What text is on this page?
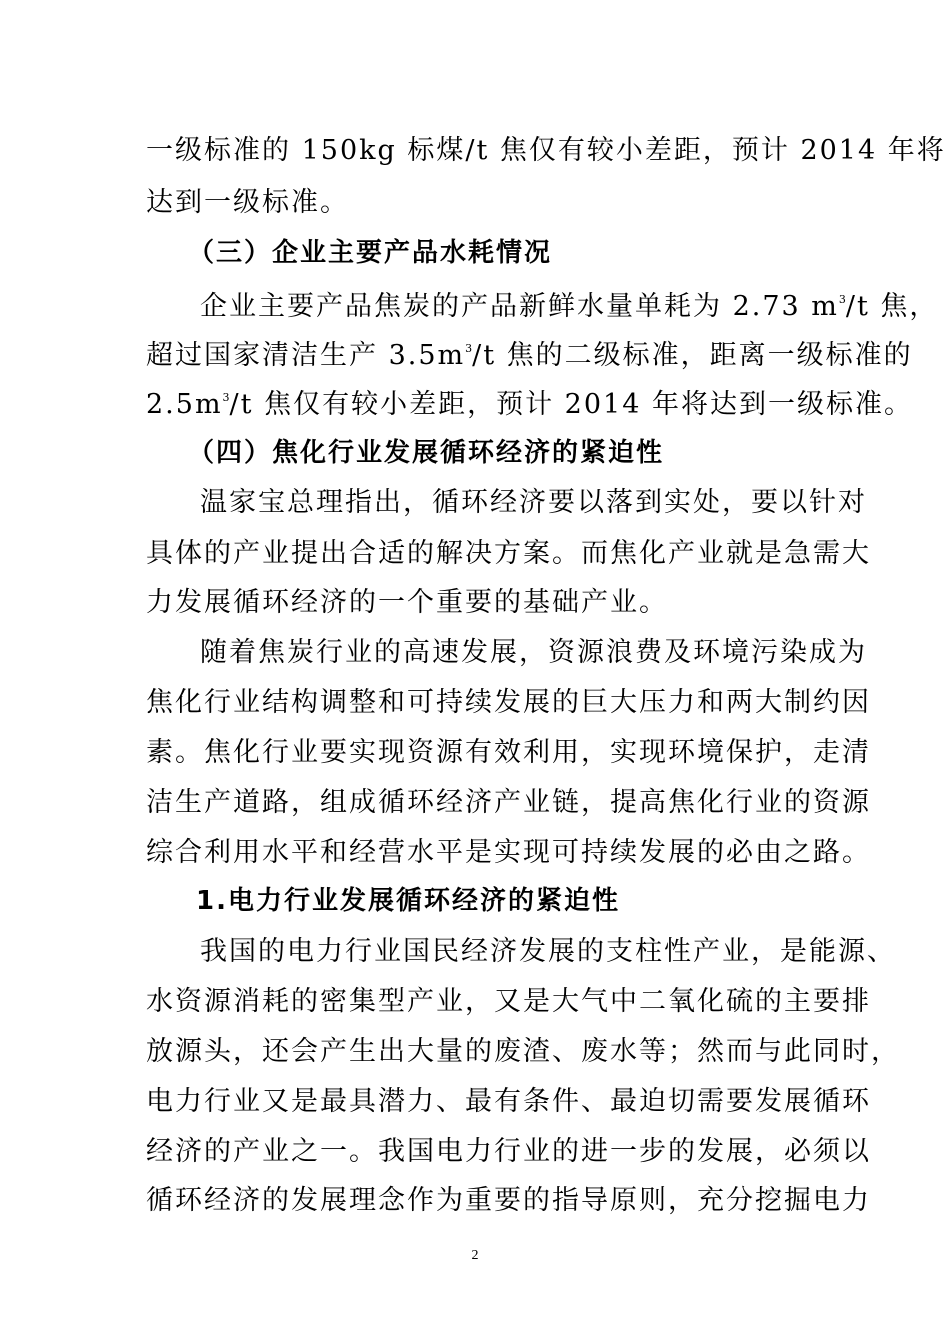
一级标准的 150kg 标煤/t 焦仅有较小差距，预计 2014 年将
达到一级标准。
（三）企业主要产品水耗情况
企业主要产品焦炭的产品新鲜水量单耗为 2.73 $m^3/t$ 焦，
超过国家清洁生产 $3.5m^3/t$ 焦的二级标准，距离一级标准的
$2.5m^3/t$ 焦仅有较小差距，预计 2014 年将达到一级标准。
（四）焦化行业发展循环经济的紧迫性
温家宝总理指出，循环经济要以落到实处，要以针对
具体的产业提出合适的解决方案。而焦化产业就是急需大
力发展循环经济的一个重要的基础产业。
随着焦炭行业的高速发展，资源浪费及环境污染成为
焦化行业结构调整和可持续发展的巨大压力和两大制约因
素。焦化行业要实现资源有效利用，实现环境保护，走清
洁生产道路，组成循环经济产业链，提高焦化行业的资源
综合利用水平和经营水平是实现可持续发展的必由之路。
1.电力行业发展循环经济的紧迫性
我国的电力行业国民经济发展的支柱性产业，是能源、
水资源消耗的密集型产业，又是大气中二氧化硫的主要排
放源头，还会产生出大量的废渣、废水等；然而与此同时，
电力行业又是最具潜力、最有条件、最迫切需要发展循环
经济的产业之一。我国电力行业的进一步的发展，必须以
循环经济的发展理念作为重要的指导原则，充分挖掘电力
2
